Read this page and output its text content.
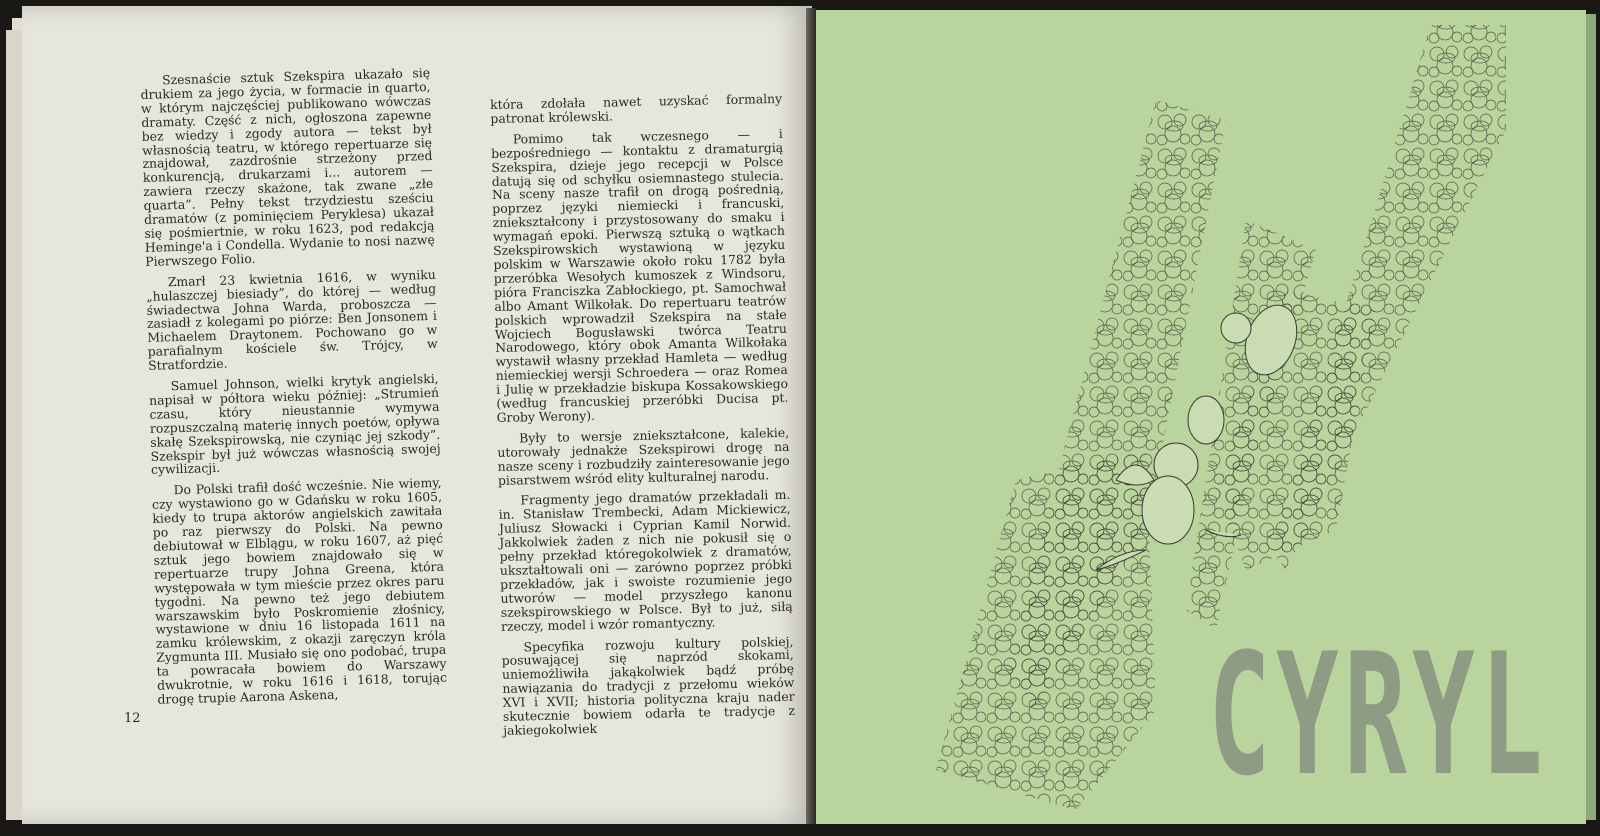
Szesnaście sztuk Szekspira ukazało się drukiem za jego życia, w formacie in quarto, w którym najczęściej publikowano wówczas dramaty. Część z nich, ogłoszona zapewne bez wiedzy i zgody autora — tekst był własnością teatru, w którego repertuarze się znajdował, zazdrośnie strzeżony przed konkurencją, drukarzami i... autorem — zawiera rzeczy skażone, tak zwane „złe quarta”. Pełny tekst trzydziestu sześciu dramatów (z pominięciem Peryklesa) ukazał się pośmiertnie, w roku 1623, pod redakcją Heminge'a i Condella. Wydanie to nosi nazwę Pierwszego Folio.

Zmarł 23 kwietnia 1616, w wyniku „hulaszczej biesiady”, do której — według świadectwa Johna Warda, proboszcza — zasiadł z kolegami po piórze: Ben Jonsonem i Michaelem Draytonem. Pochowano go w parafialnym kościele św. Trójcy, w Stratfordzie.

Samuel Johnson, wielki krytyk angielski, napisał w półtora wieku później: „Strumień czasu, który nieustannie wymywa rozpuszczalną materię innych poetów, opływa skałę Szekspirowską, nie czyniąc jej szkody”. Szekspir był już wówczas własnością swojej cywilizacji.

Do Polski trafił dość wcześnie. Nie wiemy, czy wystawiono go w Gdańsku w roku 1605, kiedy to trupa aktorów angielskich zawitała po raz pierwszy do Polski. Na pewno debiutował w Elblągu, w roku 1607, aż pięć sztuk jego bowiem znajdowało się w repertuarze trupy Johna Greena, która występowała w tym mieście przez okres paru tygodni. Na pewno też jego debiutem warszawskim było Poskromienie złośnicy, wystawione w dniu 16 listopada 1611 na zamku królewskim, z okazji zaręczyn króla Zygmunta III. Musiało się ono podobać, trupa ta powracała bowiem do Warszawy dwukrotnie, w roku 1616 i 1618, torując drogę trupie Aarona Askena,

która zdołała nawet uzyskać formalny patronat królewski.

Pomimo tak wczesnego — i bezpośredniego — kontaktu z dramaturgią Szekspira, dzieje jego recepcji w Polsce datują się od schyłku osiemnastego stulecia. Na sceny nasze trafił on drogą pośrednią, poprzez języki niemiecki i francuski, zniekształcony i przystosowany do smaku i wymagań epoki. Pierwszą sztuką o wątkach Szekspirowskich wystawioną w języku polskim w Warszawie około roku 1782 była przeróbka Wesołych kumoszek z Windsoru, pióra Franciszka Zabłockiego, pt. Samochwał albo Amant Wilkołak. Do repertuaru teatrów polskich wprowadził Szekspira na stałe Wojciech Bogusławski twórca Teatru Narodowego, który obok Amanta Wilkołaka wystawił własny przekład Hamleta — według niemieckiej wersji Schroedera — oraz Romea i Julię w przekładzie biskupa Kossakowskiego (według francuskiej przeróbki Ducisa pt. Groby Werony).

Były to wersje zniekształcone, kalekie, utorowały jednakże Szekspirowi drogę na nasze sceny i rozbudziły zainteresowanie jego pisarstwem wśród elity kulturalnej narodu.

Fragmenty jego dramatów przekładali m. in. Stanisław Trembecki, Adam Mickiewicz, Juliusz Słowacki i Cyprian Kamil Norwid. Jakkolwiek żaden z nich nie pokusił się o pełny przekład któregokolwiek z dramatów, ukształtowali oni — zarówno poprzez próbki przekładów, jak i swoiste rozumienie jego utworów — model przyszłego kanonu szekspirowskiego w Polsce. Był to już, siłą rzeczy, model i wzór romantyczny.

Specyfika rozwoju kultury polskiej, posuwającej się naprzód skokami, uniemożliwiła jakąkolwiek bądź próbę nawiązania do tradycji z przełomu wieków XVI i XVII; historia polityczna kraju nader skutecznie bowiem odarła te tradycje z jakiegokolwiek

12	C Y R Y L
